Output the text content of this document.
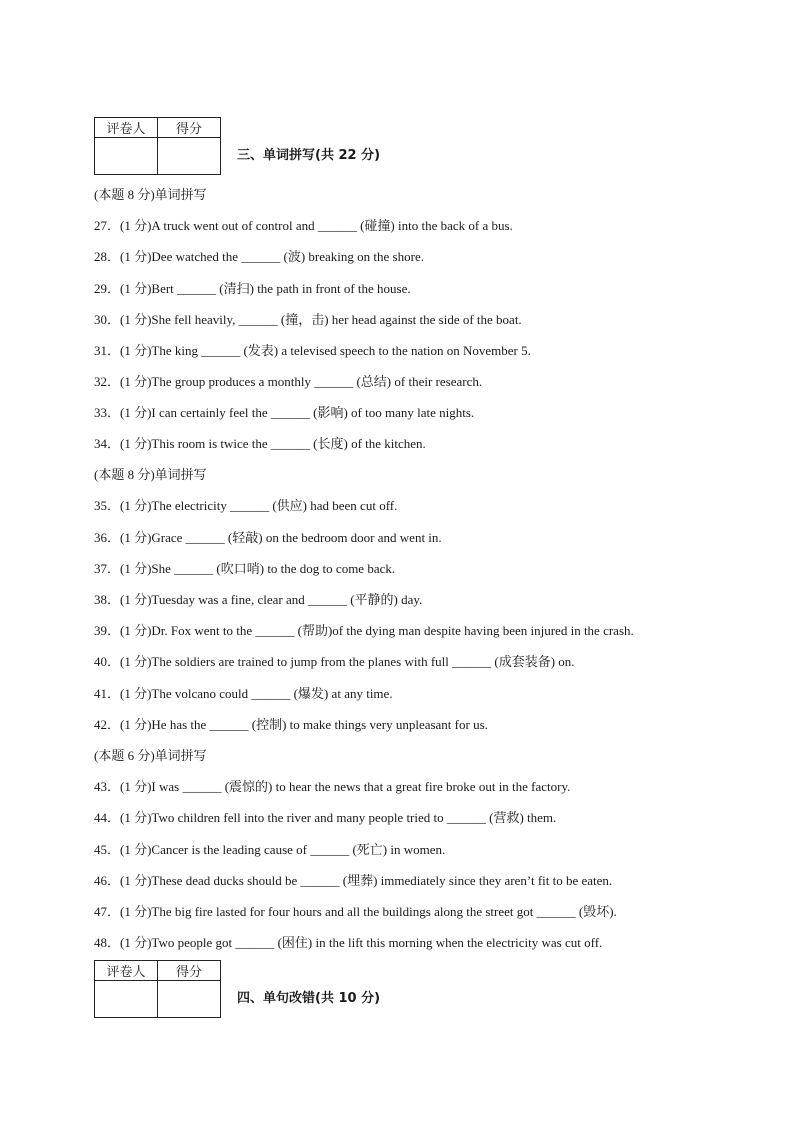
评卷人	得分

三、单词拼写(共 22 分)
(本题 8 分)单词拼写
27．(1 分)A truck went out of control and ______ (碰撞) into the back of a bus.
28．(1 分)Dee watched the ______ (波) breaking on the shore.
29．(1 分)Bert ______ (清扫) the path in front of the house.
30．(1 分)She fell heavily, ______ (撞，击) her head against the side of the boat.
31．(1 分)The king ______ (发表) a televised speech to the nation on November 5.
32．(1 分)The group produces a monthly ______ (总结) of their research.
33．(1 分)I can certainly feel the ______ (影响) of too many late nights.
34．(1 分)This room is twice the ______ (长度) of the kitchen.
(本题 8 分)单词拼写
35．(1 分)The electricity ______ (供应) had been cut off.
36．(1 分)Grace ______ (轻敲) on the bedroom door and went in.
37．(1 分)She ______ (吹口哨) to the dog to come back.
38．(1 分)Tuesday was a fine, clear and ______ (平静的) day.
39．(1 分)Dr. Fox went to the ______ (帮助)of the dying man despite having been injured in the crash.
40．(1 分)The soldiers are trained to jump from the planes with full ______ (成套装备) on.
41．(1 分)The volcano could ______ (爆发) at any time.
42．(1 分)He has the ______ (控制) to make things very unpleasant for us.
(本题 6 分)单词拼写
43．(1 分)I was ______ (震惊的) to hear the news that a great fire broke out in the factory.
44．(1 分)Two children fell into the river and many people tried to ______ (营救) them.
45．(1 分)Cancer is the leading cause of ______ (死亡) in women.
46．(1 分)These dead ducks should be ______ (埋葬) immediately since they aren’t fit to be eaten.
47．(1 分)The big fire lasted for four hours and all the buildings along the street got ______ (毁坏).
48．(1 分)Two people got ______ (困住) in the lift this morning when the electricity was cut off.
评卷人	得分

四、单句改错(共 10 分)
